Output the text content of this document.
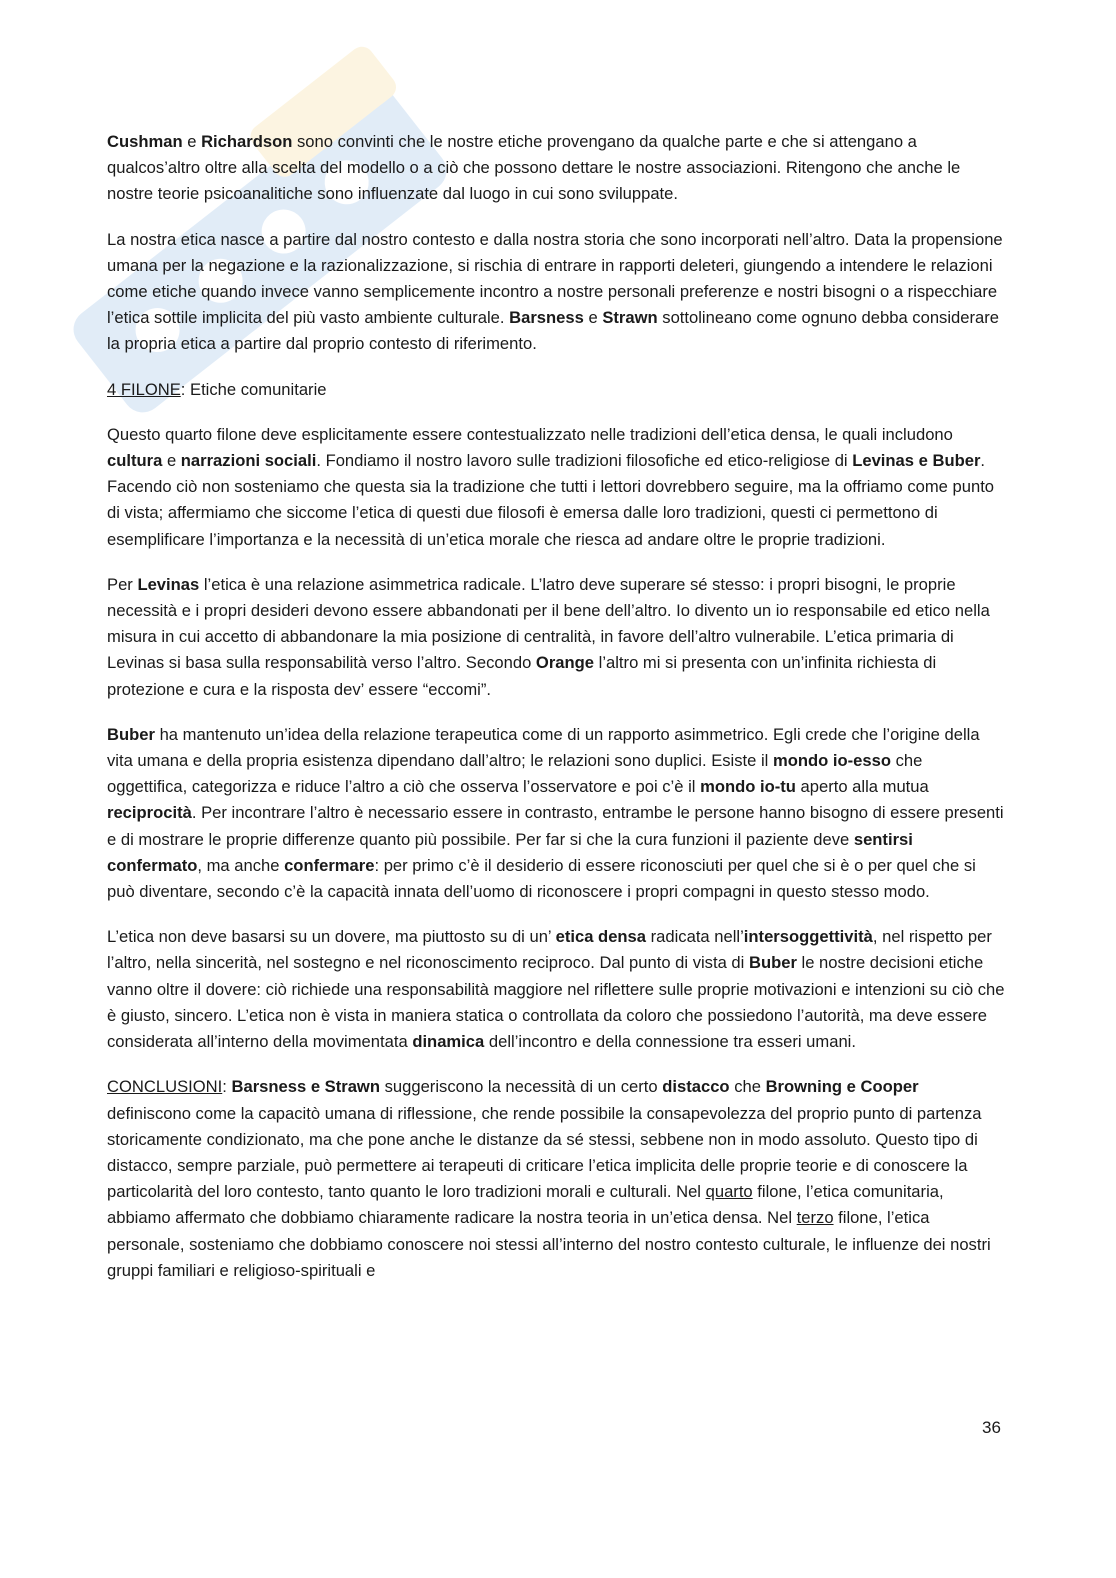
Cushman e Richardson sono convinti che le nostre etiche provengano da qualche parte e che si attengano a qualcos’altro oltre alla scelta del modello o a ciò che possono dettare le nostre associazioni. Ritengono che anche le nostre teorie psicoanalitiche sono influenzate dal luogo in cui sono sviluppate.

La nostra etica nasce a partire dal nostro contesto e dalla nostra storia che sono incorporati nell’altro. Data la propensione umana per la negazione e la razionalizzazione, si rischia di entrare in rapporti deleteri, giungendo a intendere le relazioni come etiche quando invece vanno semplicemente incontro a nostre personali preferenze e nostri bisogni o a rispecchiare l’etica sottile implicita del più vasto ambiente culturale. Barsness e Strawn sottolineano come ognuno debba considerare la propria etica a partire dal proprio contesto di riferimento.

4 FILONE: Etiche comunitarie

Questo quarto filone deve esplicitamente essere contestualizzato nelle tradizioni dell’etica densa, le quali includono cultura e narrazioni sociali. Fondiamo il nostro lavoro sulle tradizioni filosofiche ed etico-religiose di Levinas e Buber. Facendo ciò non sosteniamo che questa sia la tradizione che tutti i lettori dovrebbero seguire, ma la offriamo come punto di vista; affermiamo che siccome l’etica di questi due filosofi è emersa dalle loro tradizioni, questi ci permettono di esemplificare l’importanza e la necessità di un’etica morale che riesca ad andare oltre le proprie tradizioni.

Per Levinas l’etica è una relazione asimmetrica radicale. L’latro deve superare sé stesso: i propri bisogni, le proprie necessità e i propri desideri devono essere abbandonati per il bene dell’altro. Io divento un io responsabile ed etico nella misura in cui accetto di abbandonare la mia posizione di centralità, in favore dell’altro vulnerabile. L’etica primaria di Levinas si basa sulla responsabilità verso l’altro. Secondo Orange l’altro mi si presenta con un’infinita richiesta di protezione e cura e la risposta dev’ essere “eccomi”.

Buber ha mantenuto un’idea della relazione terapeutica come di un rapporto asimmetrico. Egli crede che l’origine della vita umana e della propria esistenza dipendano dall’altro; le relazioni sono duplici. Esiste il mondo io-esso che oggettifica, categorizza e riduce l’altro a ciò che osserva l’osservatore e poi c’è il mondo io-tu aperto alla mutua reciprocità. Per incontrare l’altro è necessario essere in contrasto, entrambe le persone hanno bisogno di essere presenti e di mostrare le proprie differenze quanto più possibile. Per far si che la cura funzioni il paziente deve sentirsi confermato, ma anche confermare: per primo c’è il desiderio di essere riconosciuti per quel che si è o per quel che si può diventare, secondo c’è la capacità innata dell’uomo di riconoscere i propri compagni in questo stesso modo.

L’etica non deve basarsi su un dovere, ma piuttosto su di un’ etica densa radicata nell’intersoggettività, nel rispetto per l’altro, nella sincerità, nel sostegno e nel riconoscimento reciproco. Dal punto di vista di Buber le nostre decisioni etiche vanno oltre il dovere: ciò richiede una responsabilità maggiore nel riflettere sulle proprie motivazioni e intenzioni su ciò che è giusto, sincero. L’etica non è vista in maniera statica o controllata da coloro che possiedono l’autorità, ma deve essere considerata all’interno della movimentata dinamica dell’incontro e della connessione tra esseri umani.

CONCLUSIONI: Barsness e Strawn suggeriscono la necessità di un certo distacco che Browning e Cooper definiscono come la capacitò umana di riflessione, che rende possibile la consapevolezza del proprio punto di partenza storicamente condizionato, ma che pone anche le distanze da sé stessi, sebbene non in modo assoluto. Questo tipo di distacco, sempre parziale, può permettere ai terapeuti di criticare l’etica implicita delle proprie teorie e di conoscere la particolarità del loro contesto, tanto quanto le loro tradizioni morali e culturali. Nel quarto filone, l’etica comunitaria, abbiamo affermato che dobbiamo chiaramente radicare la nostra teoria in un’etica densa. Nel terzo filone, l’etica personale, sosteniamo che dobbiamo conoscere noi stessi all’interno del nostro contesto culturale, le influenze dei nostri gruppi familiari e religioso-spirituali e

36
